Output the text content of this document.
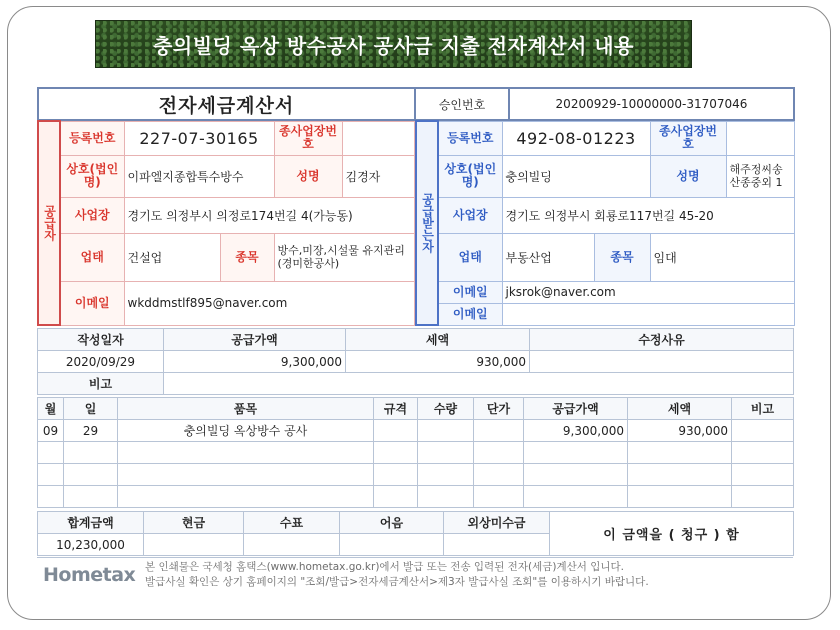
충의빌딩 옥상 방수공사 공사금 지출 전자계산서 내용
전자세금계산서	승인번호	20200929-10000000-31707046
공급자	등록번호	227-07-30165		종사업장번호	
	상호(법인명)	이파엘지종합특수방수		성명	김경자
	사업장	경기도 의정부시 의정로174번길 4(가능동)			
	업태	건설업	종목	방수,미장,시설물 유지관리 (경미한공사)	
	이메일	wkddmstlf895@naver.com			

공급받는자	등록번호	492-08-01223		종사업장번호	
	상호(법인명)	충의빌딩		성명	해주정씨송산종중외 1
	사업장	경기도 의정부시 회룡로117번길 45-20			
	업태	부동산업	종목	임대	
	이메일	jksrok@naver.com			
	이메일				
작성일자	공급가액	세액	수정사유
2020/09/29	9,300,000	930,000	
비고			
월	일	품목	규격	수량	단가	공급가액	세액	비고
09	29	충의빌딩 옥상방수 공사				9,300,000	930,000	

합계금액	현금	수표	어음	외상미수금	이 금액을 ( 청구 ) 함
10,230,000					
Hometax 본 인쇄물은 국세청 홈택스(www.hometax.go.kr)에서 발급 또는 전송 입력된 전자(세금)계산서 입니다.
발급사실 확인은 상기 홈페이지의 "조회/발급>전자세금계산서>제3자 발급사실 조회"를 이용하시기 바랍니다.
